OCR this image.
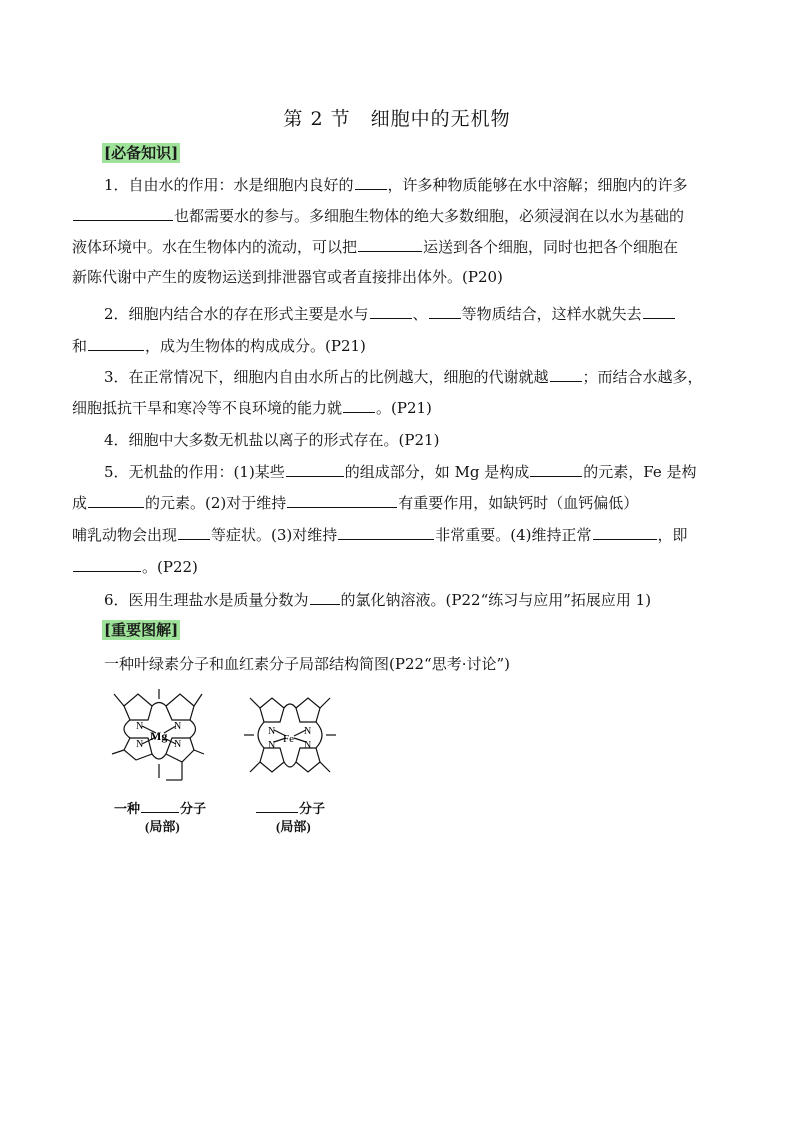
第 2 节　细胞中的无机物
[必备知识]
1．自由水的作用：水是细胞内良好的 ，许多种物质能够在水中溶解；细胞内的许多
也都需要水的参与。多细胞生物体的绝大多数细胞，必须浸润在以水为基础的
液体环境中。水在生物体内的流动，可以把	运送到各个细胞，同时也把各个细胞在
新陈代谢中产生的废物运送到排泄器官或者直接排出体外。(P20)
2．细胞内结合水的存在形式主要是水与	、 等物质结合，这样水就失去
和	，成为生物体的构成成分。(P21)
3．在正常情况下，细胞内自由水所占的比例越大，细胞的代谢就越 ；而结合水越多，
细胞抵抗干旱和寒冷等不良环境的能力就 。(P21)
4．细胞中大多数无机盐以离子的形式存在。(P21)
5．无机盐的作用：(1)某些	的组成部分，如 Mg 是构成	的元素，Fe 是构
成	的元素。(2)对于维持	有重要作用，如缺钙时（血钙偏低）
哺乳动物会出现 等症状。(3)对维持	非常重要。(4)维持正常	，即
。(P22)
6．医用生理盐水是质量分数为 的氯化钠溶液。(P22“练习与应用”拓展应用 1)
[重要图解]
一种叶绿素分子和血红素分子局部结构简图(P22“思考·讨论”)
N	N
N	N
Mg
一种	分子
(局部)
N	N
N	N
Fe
分子
(局部)
